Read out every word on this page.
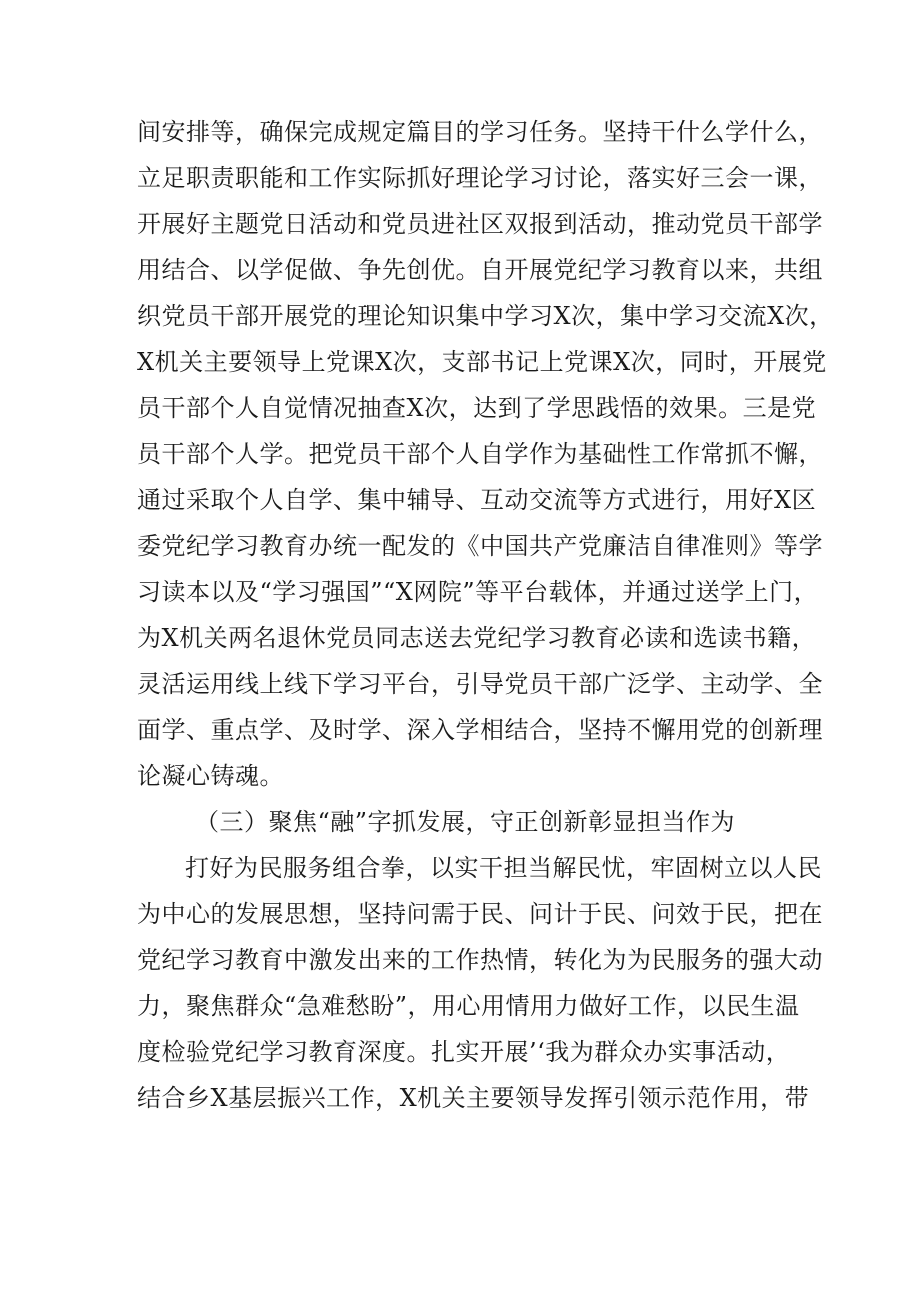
间安排等，确保完成规定篇目的学习任务。坚持干什么学什么，
立足职责职能和工作实际抓好理论学习讨论，落实好三会一课，
开展好主题党日活动和党员进社区双报到活动，推动党员干部学
用结合、以学促做、争先创优。自开展党纪学习教育以来，共组
织党员干部开展党的理论知识集中学习X次，集中学习交流X次，
X机关主要领导上党课X次，支部书记上党课X次，同时，开展党
员干部个人自觉情况抽查X次，达到了学思践悟的效果。三是党
员干部个人学。把党员干部个人自学作为基础性工作常抓不懈，
通过采取个人自学、集中辅导、互动交流等方式进行，用好X区
委党纪学习教育办统一配发的《中国共产党廉洁自律准则》等学
习读本以及“学习强国”“X网院”等平台载体，并通过送学上门，
为X机关两名退休党员同志送去党纪学习教育必读和选读书籍，
灵活运用线上线下学习平台，引导党员干部广泛学、主动学、全
面学、重点学、及时学、深入学相结合，坚持不懈用党的创新理
论凝心铸魂。
（三）聚焦“融”字抓发展，守正创新彰显担当作为
打好为民服务组合拳，以实干担当解民忧，牢固树立以人民
为中心的发展思想，坚持问需于民、问计于民、问效于民，把在
党纪学习教育中激发出来的工作热情，转化为为民服务的强大动
力，聚焦群众“急难愁盼”，用心用情用力做好工作，以民生温
度检验党纪学习教育深度。扎实开展’‘我为群众办实事活动，
结合乡X基层振兴工作，X机关主要领导发挥引领示范作用，带
